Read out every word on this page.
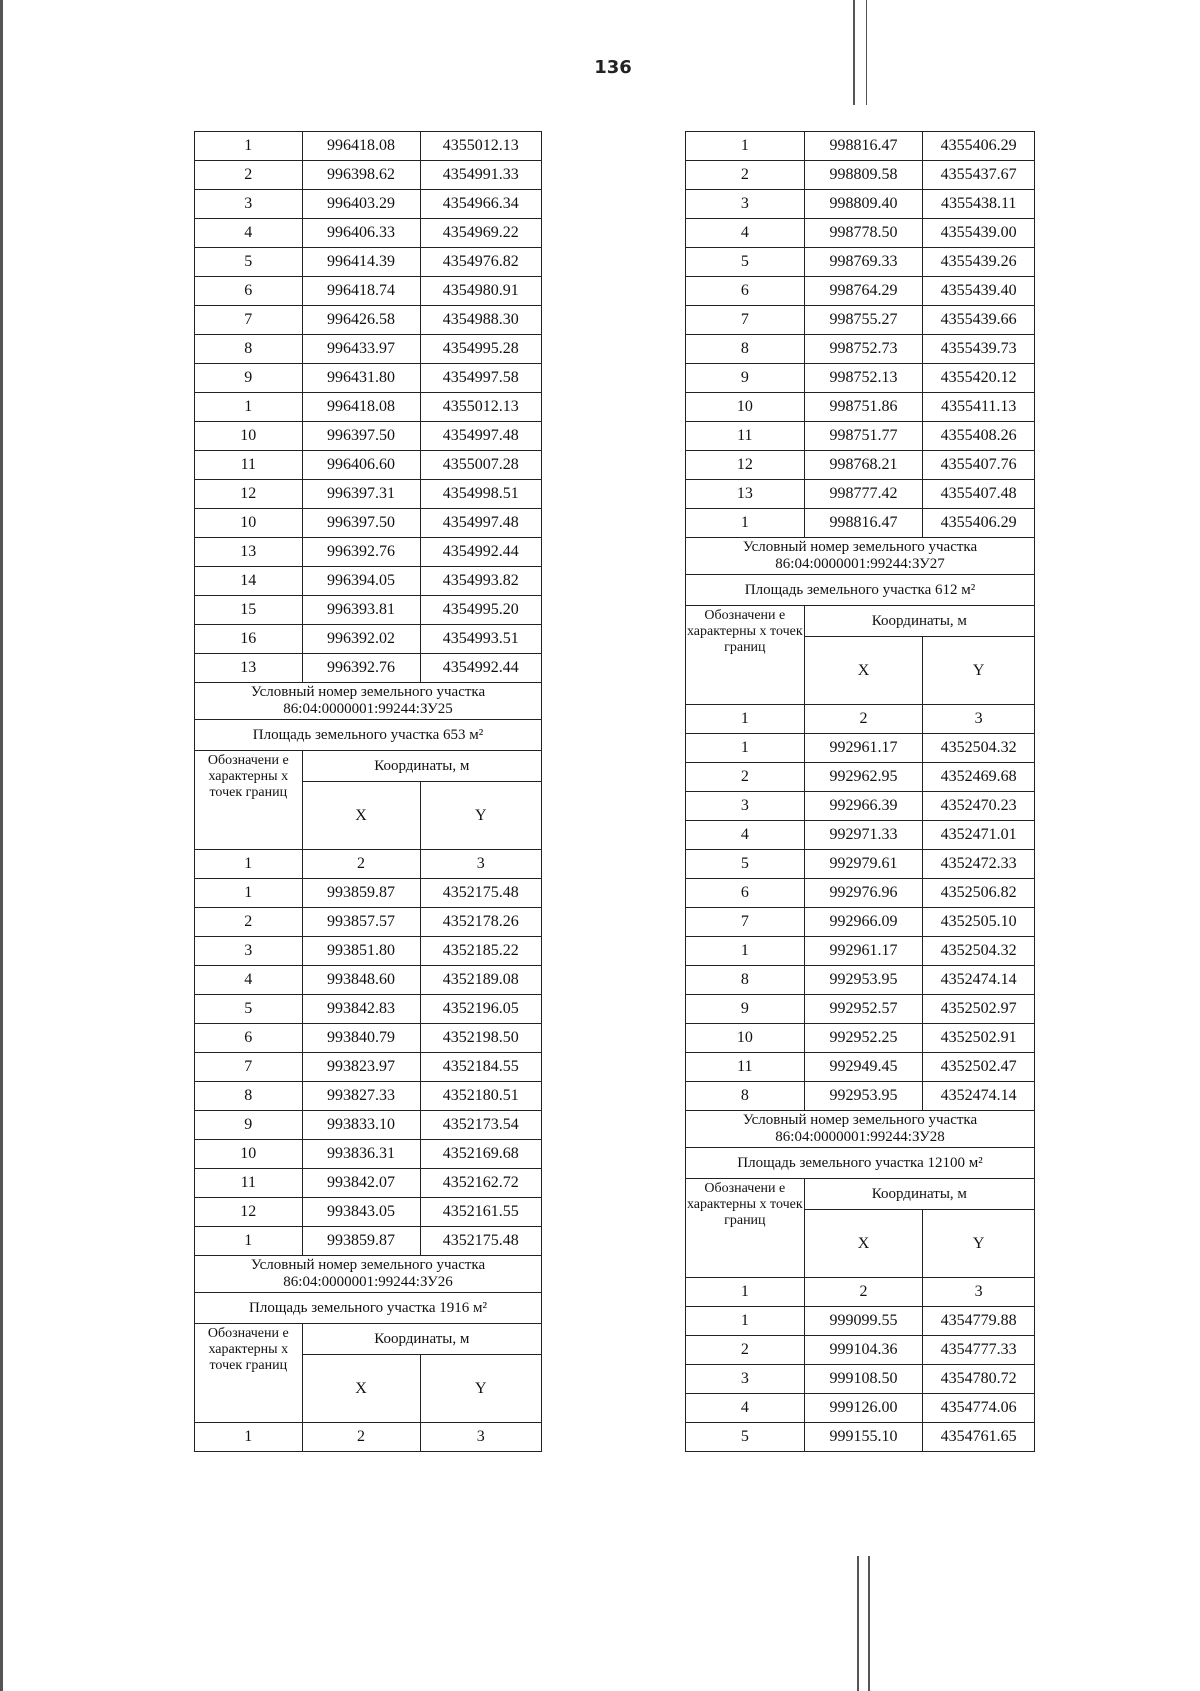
136
1	996418.08	4355012.13
2	996398.62	4354991.33
3	996403.29	4354966.34
4	996406.33	4354969.22
5	996414.39	4354976.82
6	996418.74	4354980.91
7	996426.58	4354988.30
8	996433.97	4354995.28
9	996431.80	4354997.58
1	996418.08	4355012.13
10	996397.50	4354997.48
11	996406.60	4355007.28
12	996397.31	4354998.51
10	996397.50	4354997.48
13	996392.76	4354992.44
14	996394.05	4354993.82
15	996393.81	4354995.20
16	996392.02	4354993.51
13	996392.76	4354992.44

Условный номер земельного участка
86:04:0000001:99244:ЗУ25		

Площадь земельного участка 653 м²		
Обозначени е характерны х точек границ	Координаты, м	
	X	Y
1	2	3
1	993859.87	4352175.48
2	993857.57	4352178.26
3	993851.80	4352185.22
4	993848.60	4352189.08
5	993842.83	4352196.05
6	993840.79	4352198.50
7	993823.97	4352184.55
8	993827.33	4352180.51
9	993833.10	4352173.54
10	993836.31	4352169.68
11	993842.07	4352162.72
12	993843.05	4352161.55
1	993859.87	4352175.48

Условный номер земельного участка
86:04:0000001:99244:ЗУ26		

Площадь земельного участка 1916 м²		
Обозначени е характерны х точек границ	Координаты, м	
	X	Y
1	2	3
1	998816.47	4355406.29
2	998809.58	4355437.67
3	998809.40	4355438.11
4	998778.50	4355439.00
5	998769.33	4355439.26
6	998764.29	4355439.40
7	998755.27	4355439.66
8	998752.73	4355439.73
9	998752.13	4355420.12
10	998751.86	4355411.13
11	998751.77	4355408.26
12	998768.21	4355407.76
13	998777.42	4355407.48
1	998816.47	4355406.29

Условный номер земельного участка
86:04:0000001:99244:ЗУ27		

Площадь земельного участка 612 м²		
Обозначени е характерны х точек границ	Координаты, м	
	X	Y
1	2	3
1	992961.17	4352504.32
2	992962.95	4352469.68
3	992966.39	4352470.23
4	992971.33	4352471.01
5	992979.61	4352472.33
6	992976.96	4352506.82
7	992966.09	4352505.10
1	992961.17	4352504.32
8	992953.95	4352474.14
9	992952.57	4352502.97
10	992952.25	4352502.91
11	992949.45	4352502.47
8	992953.95	4352474.14

Условный номер земельного участка
86:04:0000001:99244:ЗУ28		

Площадь земельного участка 12100 м²		
Обозначени е характерны х точек границ	Координаты, м	
	X	Y
1	2	3
1	999099.55	4354779.88
2	999104.36	4354777.33
3	999108.50	4354780.72
4	999126.00	4354774.06
5	999155.10	4354761.65
